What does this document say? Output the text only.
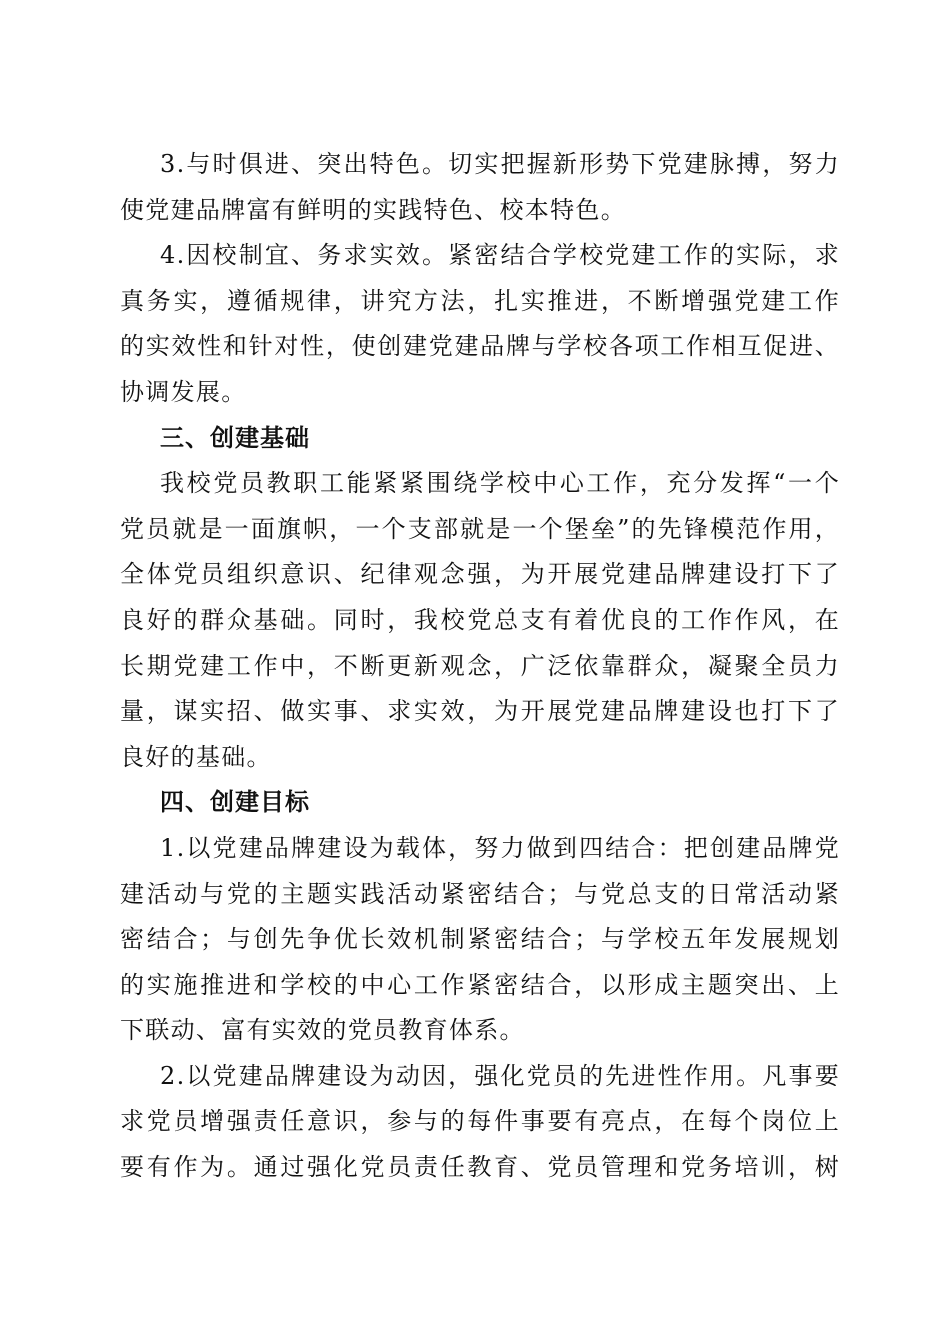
3.与时俱进、突出特色。切实把握新形势下党建脉搏，努力
使党建品牌富有鲜明的实践特色、校本特色。
4.因校制宜、务求实效。紧密结合学校党建工作的实际，求
真务实，遵循规律，讲究方法，扎实推进，不断增强党建工作
的实效性和针对性，使创建党建品牌与学校各项工作相互促进、
协调发展。
三、创建基础
我校党员教职工能紧紧围绕学校中心工作，充分发挥“一个
党员就是一面旗帜，一个支部就是一个堡垒”的先锋模范作用，
全体党员组织意识、纪律观念强，为开展党建品牌建设打下了
良好的群众基础。同时，我校党总支有着优良的工作作风，在
长期党建工作中，不断更新观念，广泛依靠群众，凝聚全员力
量，谋实招、做实事、求实效，为开展党建品牌建设也打下了
良好的基础。
四、创建目标
1.以党建品牌建设为载体，努力做到四结合：把创建品牌党
建活动与党的主题实践活动紧密结合；与党总支的日常活动紧
密结合；与创先争优长效机制紧密结合；与学校五年发展规划
的实施推进和学校的中心工作紧密结合，以形成主题突出、上
下联动、富有实效的党员教育体系。
2.以党建品牌建设为动因，强化党员的先进性作用。凡事要
求党员增强责任意识，参与的每件事要有亮点，在每个岗位上
要有作为。通过强化党员责任教育、党员管理和党务培训，树
